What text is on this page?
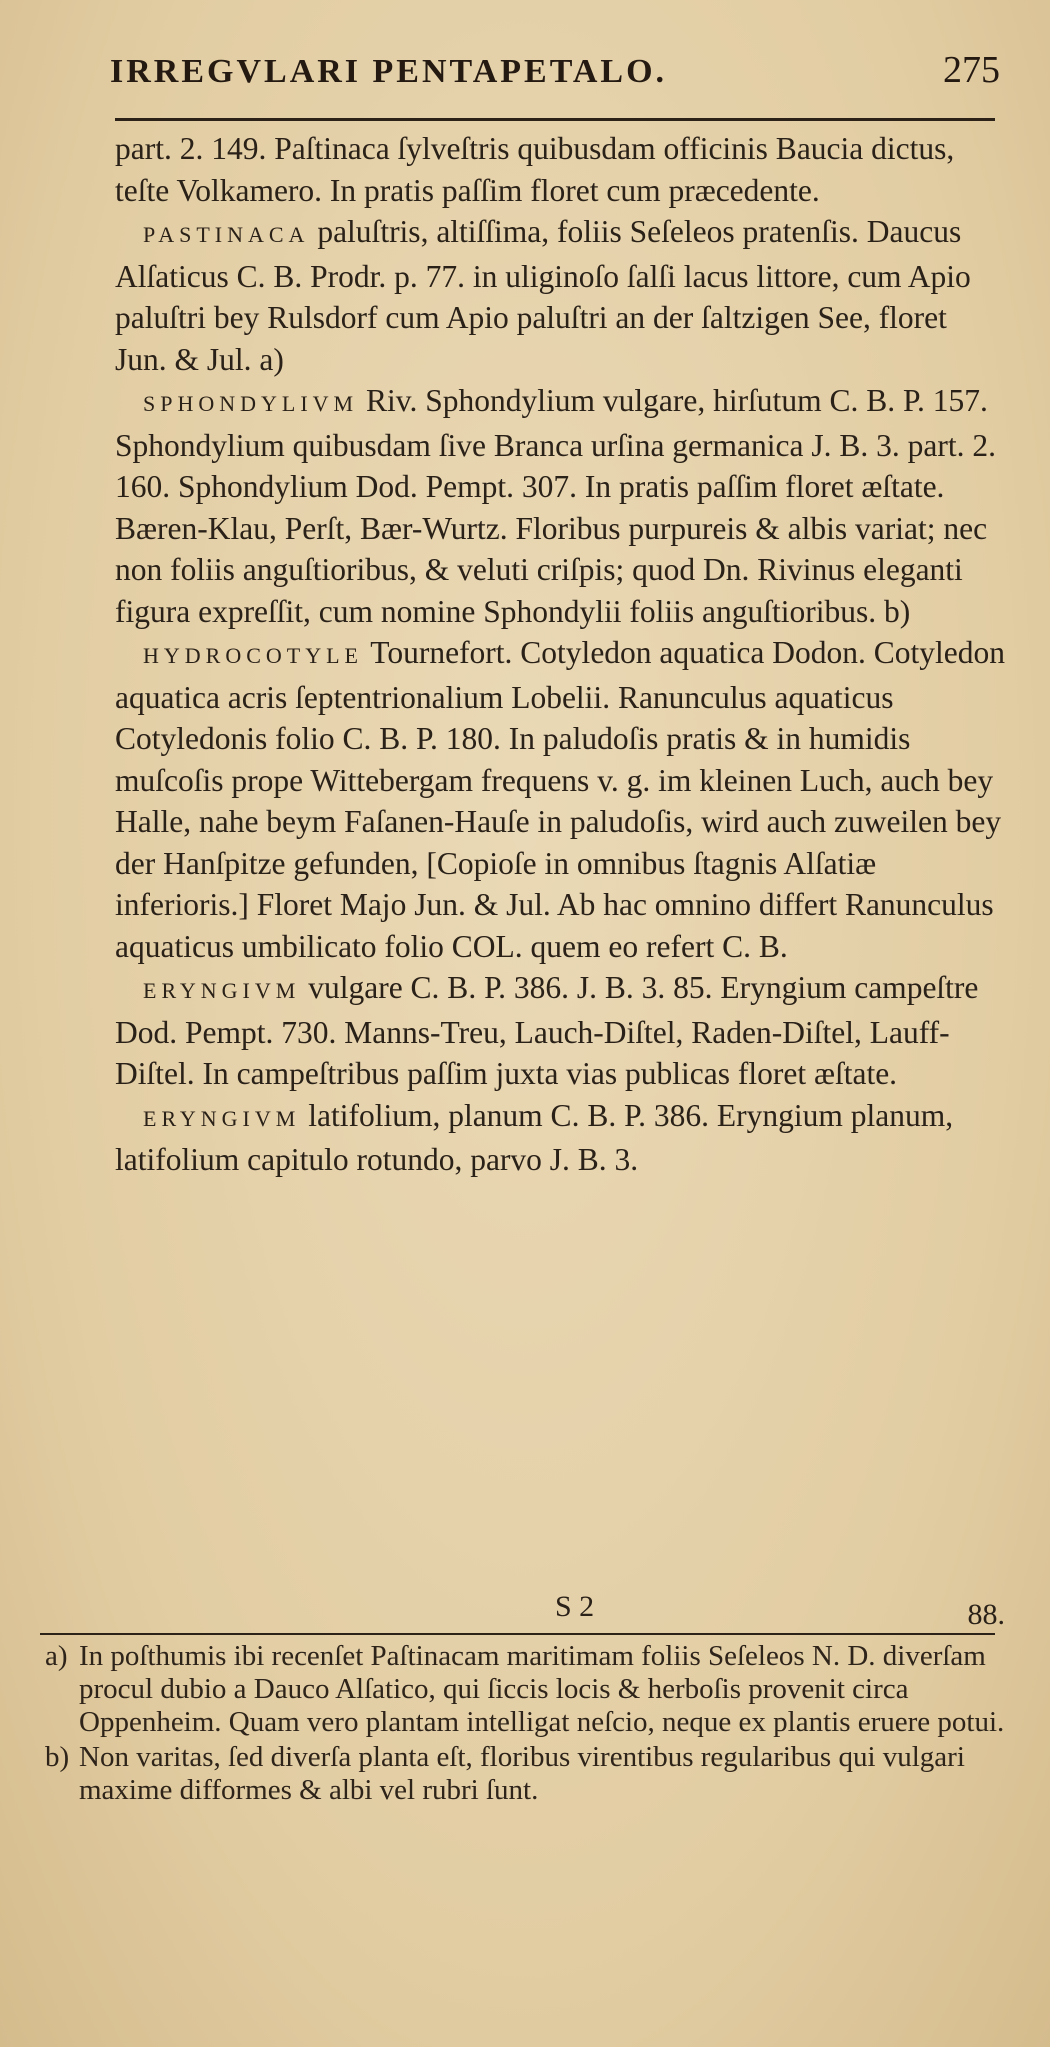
IRREGVLARI PENTAPETALO.	275

part. 2. 149. Paſtinaca ſylveſtris quibusdam officinis Baucia dictus, teſte Volkamero. In pratis paſſim floret cum præcedente.

PASTINACA paluſtris, altiſſima, foliis Seſeleos pratenſis. Daucus Alſaticus C. B. Prodr. p. 77. in uliginoſo ſalſi lacus littore, cum Apio paluſtri bey Rulsdorf cum Apio paluſtri an der ſaltzigen See, floret Jun. & Jul. a)

SPHONDYLIVM Riv. Sphondylium vulgare, hirſutum C. B. P. 157. Sphondylium quibusdam ſive Branca urſina germanica J. B. 3. part. 2. 160. Sphondylium Dod. Pempt. 307. In pratis paſſim floret æſtate. Bæren-Klau, Perſt, Bær-Wurtz. Floribus purpureis & albis variat; nec non foliis anguſtioribus, & veluti criſpis; quod Dn. Rivinus eleganti figura expreſſit, cum nomine Sphondylii foliis anguſtioribus. b)

HYDROCOTYLE Tournefort. Cotyledon aquatica Dodon. Cotyledon aquatica acris ſeptentrionalium Lobelii. Ranunculus aquaticus Cotyledonis folio C. B. P. 180. In paludoſis pratis & in humidis muſcoſis prope Wittebergam frequens v. g. im kleinen Luch, auch bey Halle, nahe beym Faſanen-Hauſe in paludoſis, wird auch zuweilen bey der Hanſpitze gefunden, [Copioſe in omnibus ſtagnis Alſatiæ inferioris.] Floret Majo Jun. & Jul. Ab hac omnino differt Ranunculus aquaticus umbilicato folio COL. quem eo refert C. B.

ERYNGIVM vulgare C. B. P. 386. J. B. 3. 85. Eryngium campeſtre Dod. Pempt. 730. Manns-Treu, Lauch-Diſtel, Raden-Diſtel, Lauff-Diſtel. In campeſtribus paſſim juxta vias publicas floret æſtate.

ERYNGIVM latifolium, planum C. B. P. 386. Eryngium planum, latifolium capitulo rotundo, parvo J. B. 3.

S 2	88.
a) In poſthumis ibi recenſet Paſtinacam maritimam foliis Seſeleos N. D. diverſam procul dubio a Dauco Alſatico, qui ſiccis locis & herboſis provenit circa Oppenheim. Quam vero plantam intelligat neſcio, neque ex plantis eruere potui.
b) Non varitas, ſed diverſa planta eſt, floribus virentibus regularibus qui vulgari maxime difformes & albi vel rubri ſunt.
